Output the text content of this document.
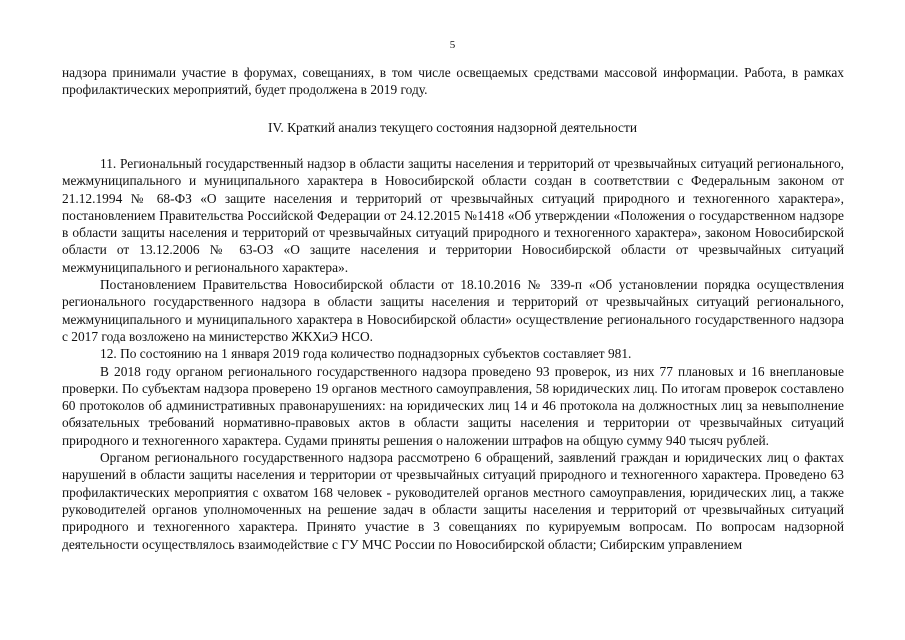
5

надзора принимали участие в форумах, совещаниях, в том числе освещаемых средствами массовой информации. Работа, в рамках профилактических мероприятий, будет продолжена в 2019 году.

IV. Краткий анализ текущего состояния надзорной деятельности

11. Региональный государственный надзор в области защиты населения и территорий от чрезвычайных ситуаций регионального, межмуниципального и муниципального характера в Новосибирской области создан в соответствии с Федеральным законом от 21.12.1994 № 68-ФЗ «О защите населения и территорий от чрезвычайных ситуаций природного и техногенного характера», постановлением Правительства Российской Федерации от 24.12.2015 №1418 «Об утверждении «Положения о государственном надзоре в области защиты населения и территорий от чрезвычайных ситуаций природного и техногенного характера», законом Новосибирской области от 13.12.2006 № 63-ОЗ «О защите населения и территории Новосибирской области от чрезвычайных ситуаций межмуниципального и регионального характера».

Постановлением Правительства Новосибирской области от 18.10.2016 № 339-п «Об установлении порядка осуществления регионального государственного надзора в области защиты населения и территорий от чрезвычайных ситуаций регионального, межмуниципального и муниципального характера в Новосибирской области» осуществление регионального государственного надзора с 2017 года возложено на министерство ЖКХиЭ НСО.

12. По состоянию на 1 января 2019 года количество поднадзорных субъектов составляет 981.

В 2018 году органом регионального государственного надзора проведено 93 проверок, из них 77 плановых и 16 внеплановые проверки. По субъектам надзора проверено 19 органов местного самоуправления, 58 юридических лиц. По итогам проверок составлено 60 протоколов об административных правонарушениях: на юридических лиц 14 и 46 протокола на должностных лиц за невыполнение обязательных требований нормативно-правовых актов в области защиты населения и территории от чрезвычайных ситуаций природного и техногенного характера. Судами приняты решения о наложении штрафов на общую сумму 940 тысяч рублей.

Органом регионального государственного надзора рассмотрено 6 обращений, заявлений граждан и юридических лиц о фактах нарушений в области защиты населения и территории от чрезвычайных ситуаций природного и техногенного характера. Проведено 63 профилактических мероприятия с охватом 168 человек - руководителей органов местного самоуправления, юридических лиц, а также руководителей органов уполномоченных на решение задач в области защиты населения и территорий от чрезвычайных ситуаций природного и техногенного характера. Принято участие в 3 совещаниях по курируемым вопросам. По вопросам надзорной деятельности осуществлялось взаимодействие с ГУ МЧС России по Новосибирской области; Сибирским управлением
